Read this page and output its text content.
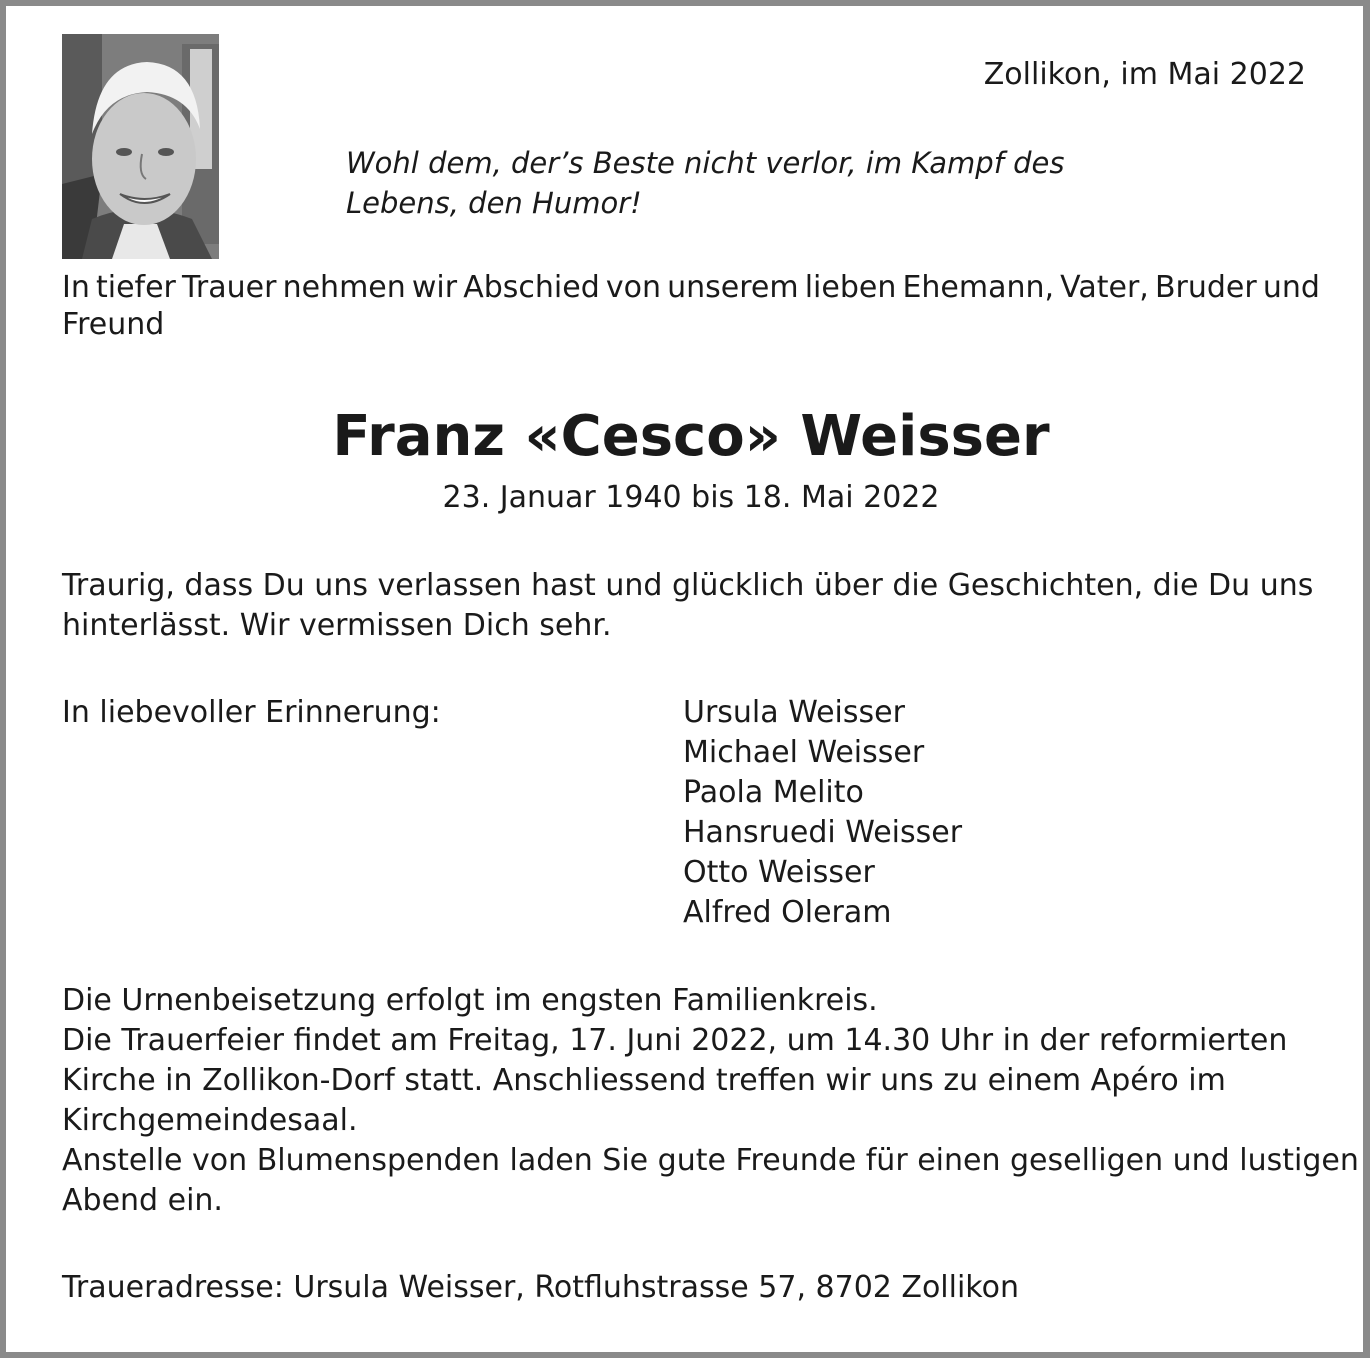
Zollikon, im Mai 2022
Wohl dem, der’s Beste nicht verlor, im Kampf des
Lebens, den Humor!
In tiefer Trauer nehmen wir Abschied von unserem lieben Ehemann, Vater, Bruder und
Freund
Franz «Cesco» Weisser
23. Januar 1940 bis 18. Mai 2022
Traurig, dass Du uns verlassen hast und glücklich über die Geschichten, die Du uns
hinterlässt. Wir vermissen Dich sehr.
In liebevoller Erinnerung:	Ursula Weisser
Michael Weisser
Paola Melito
Hansruedi Weisser
Otto Weisser
Alfred Oleram
Die Urnenbeisetzung erfolgt im engsten Familienkreis.
Die Trauerfeier findet am Freitag, 17. Juni 2022, um 14.30 Uhr in der reformierten
Kirche in Zollikon-Dorf statt. Anschliessend treffen wir uns zu einem Apéro im
Kirchgemeindesaal.
Anstelle von Blumenspenden laden Sie gute Freunde für einen geselligen und lustigen
Abend ein.
Traueradresse: Ursula Weisser, Rotfluhstrasse 57, 8702 Zollikon
